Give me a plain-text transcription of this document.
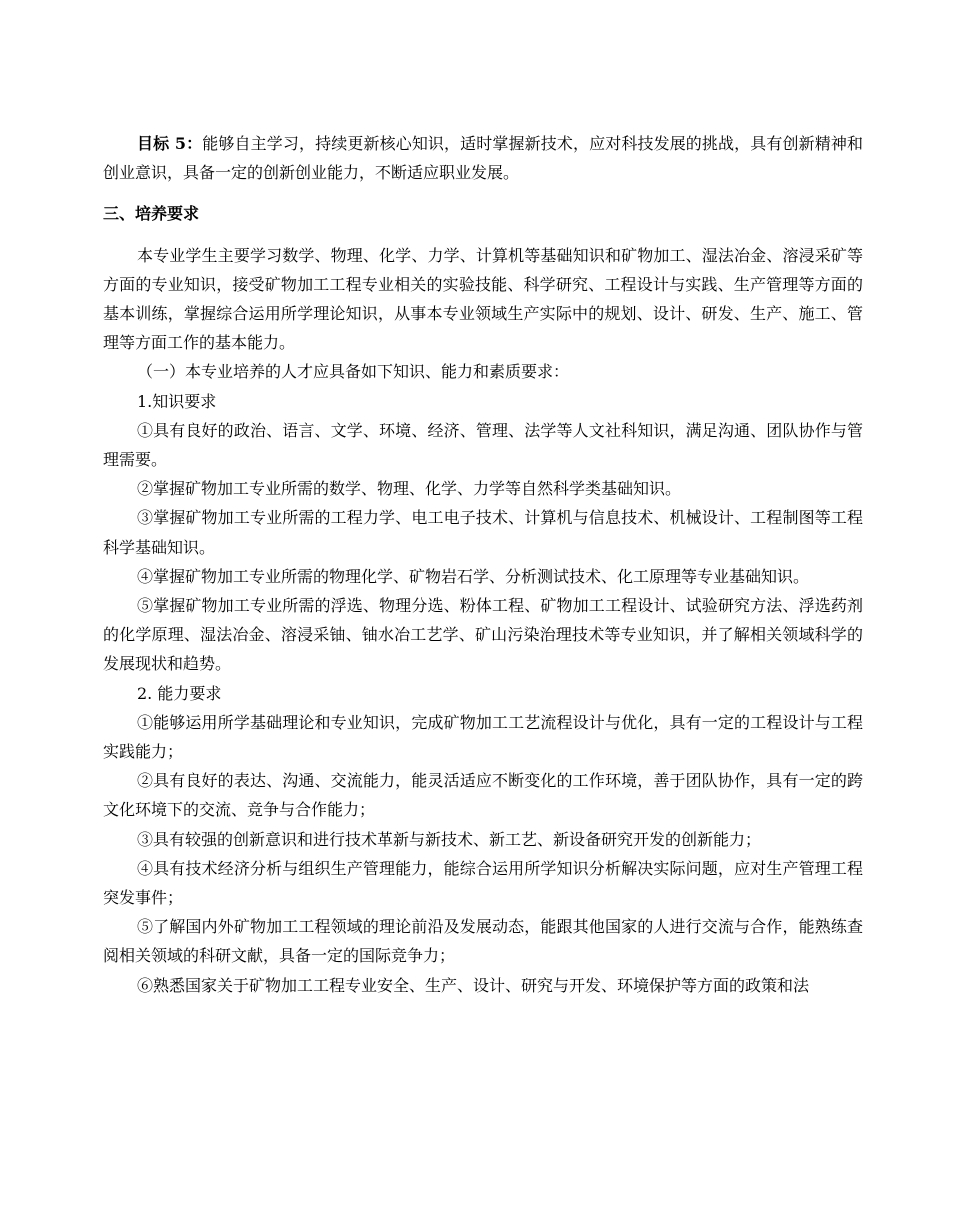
目标 5：能够自主学习，持续更新核心知识，适时掌握新技术，应对科技发展的挑战，具有创新精神和创业意识，具备一定的创新创业能力，不断适应职业发展。

三、培养要求

本专业学生主要学习数学、物理、化学、力学、计算机等基础知识和矿物加工、湿法冶金、溶浸采矿等方面的专业知识，接受矿物加工工程专业相关的实验技能、科学研究、工程设计与实践、生产管理等方面的基本训练，掌握综合运用所学理论知识，从事本专业领域生产实际中的规划、设计、研发、生产、施工、管理等方面工作的基本能力。

（一）本专业培养的人才应具备如下知识、能力和素质要求：

1.知识要求

①具有良好的政治、语言、文学、环境、经济、管理、法学等人文社科知识，满足沟通、团队协作与管理需要。

②掌握矿物加工专业所需的数学、物理、化学、力学等自然科学类基础知识。

③掌握矿物加工专业所需的工程力学、电工电子技术、计算机与信息技术、机械设计、工程制图等工程科学基础知识。

④掌握矿物加工专业所需的物理化学、矿物岩石学、分析测试技术、化工原理等专业基础知识。

⑤掌握矿物加工专业所需的浮选、物理分选、粉体工程、矿物加工工程设计、试验研究方法、浮选药剂的化学原理、湿法冶金、溶浸采铀、铀水冶工艺学、矿山污染治理技术等专业知识，并了解相关领域科学的发展现状和趋势。

2. 能力要求

①能够运用所学基础理论和专业知识，完成矿物加工工艺流程设计与优化，具有一定的工程设计与工程实践能力；

②具有良好的表达、沟通、交流能力，能灵活适应不断变化的工作环境，善于团队协作，具有一定的跨文化环境下的交流、竞争与合作能力；

③具有较强的创新意识和进行技术革新与新技术、新工艺、新设备研究开发的创新能力；

④具有技术经济分析与组织生产管理能力，能综合运用所学知识分析解决实际问题，应对生产管理工程突发事件；

⑤了解国内外矿物加工工程领域的理论前沿及发展动态，能跟其他国家的人进行交流与合作，能熟练查阅相关领域的科研文献，具备一定的国际竞争力；

⑥熟悉国家关于矿物加工工程专业安全、生产、设计、研究与开发、环境保护等方面的政策和法
